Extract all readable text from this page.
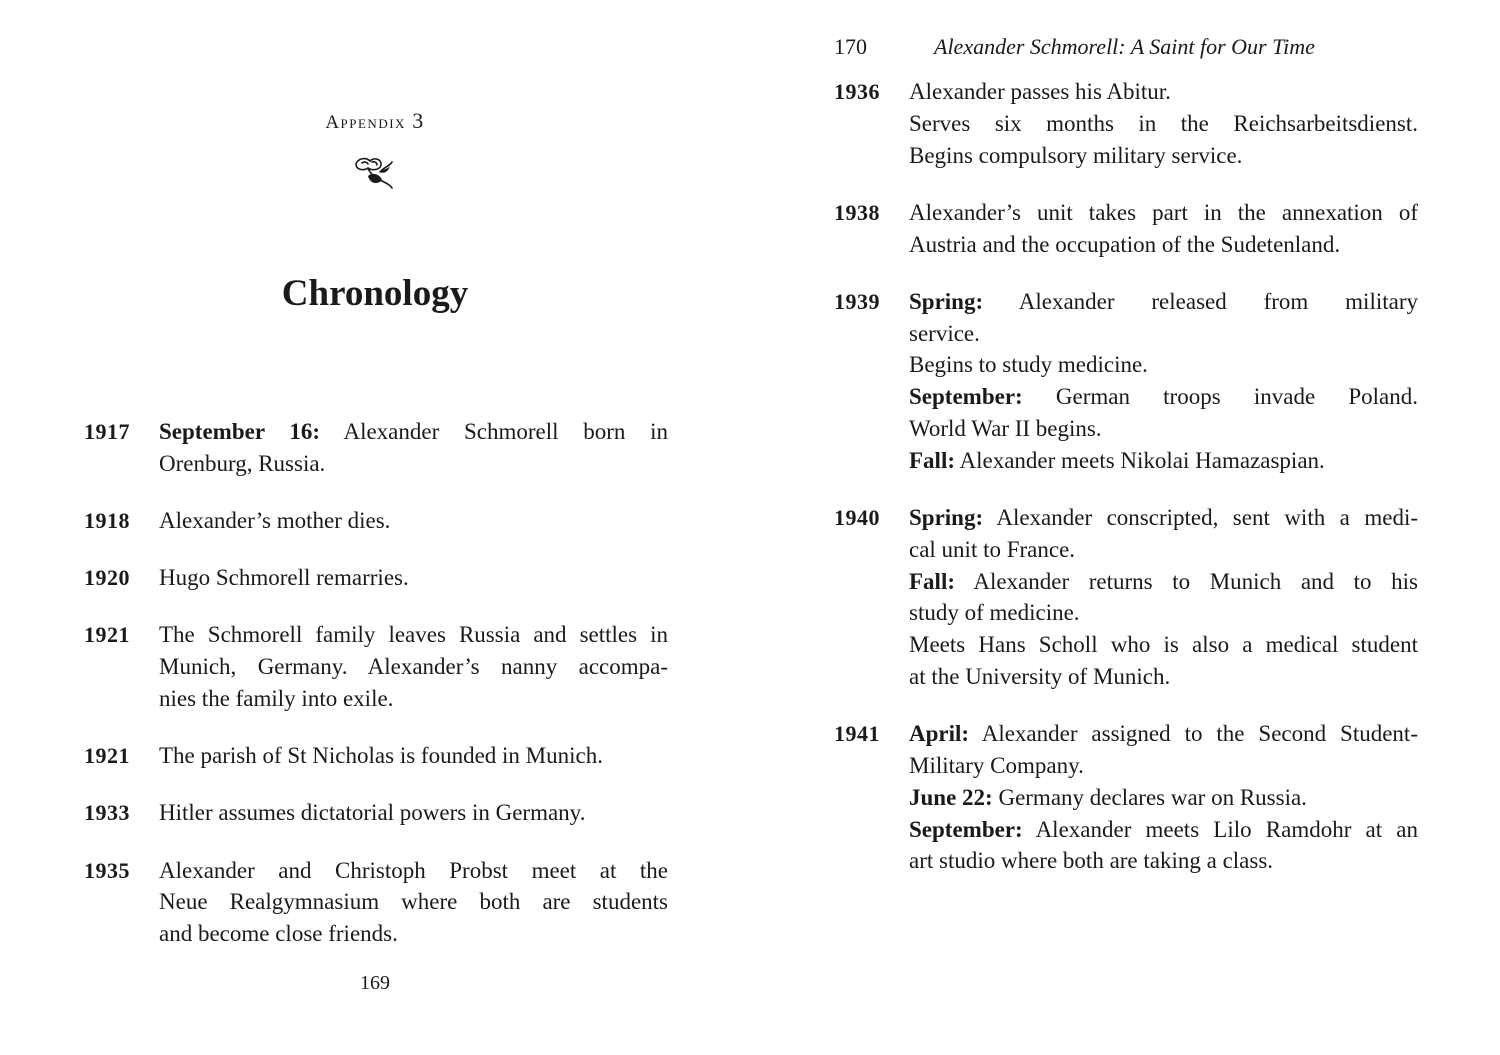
Appendix 3
Chronology
1917	September 16: Alexander Schmorell born in
Orenburg, Russia.
1918	Alexander’s mother dies.
1920	Hugo Schmorell remarries.
1921	The Schmorell family leaves Russia and settles in
Munich, Germany. Alexander’s nanny accompa-
nies the family into exile.
1921	The parish of St Nicholas is founded in Munich.
1933	Hitler assumes dictatorial powers in Germany.
1935	Alexander and Christoph Probst meet at the
Neue Realgymnasium where both are students
and become close friends.
169
170	Alexander Schmorell: A Saint for Our Time
1936	Alexander passes his Abitur.
Serves six months in the Reichsarbeitsdienst.
Begins compulsory military service.
1938	Alexander’s unit takes part in the annexation of
Austria and the occupation of the Sudetenland.
1939	Spring: Alexander released from military
service.
Begins to study medicine.
September: German troops invade Poland.
World War II begins.
Fall: Alexander meets Nikolai Hamazaspian.
1940	Spring: Alexander conscripted, sent with a medi-
cal unit to France.
Fall: Alexander returns to Munich and to his
study of medicine.
Meets Hans Scholl who is also a medical student
at the University of Munich.
1941	April: Alexander assigned to the Second Student-
Military Company.
June 22: Germany declares war on Russia.
September: Alexander meets Lilo Ramdohr at an
art studio where both are taking a class.
